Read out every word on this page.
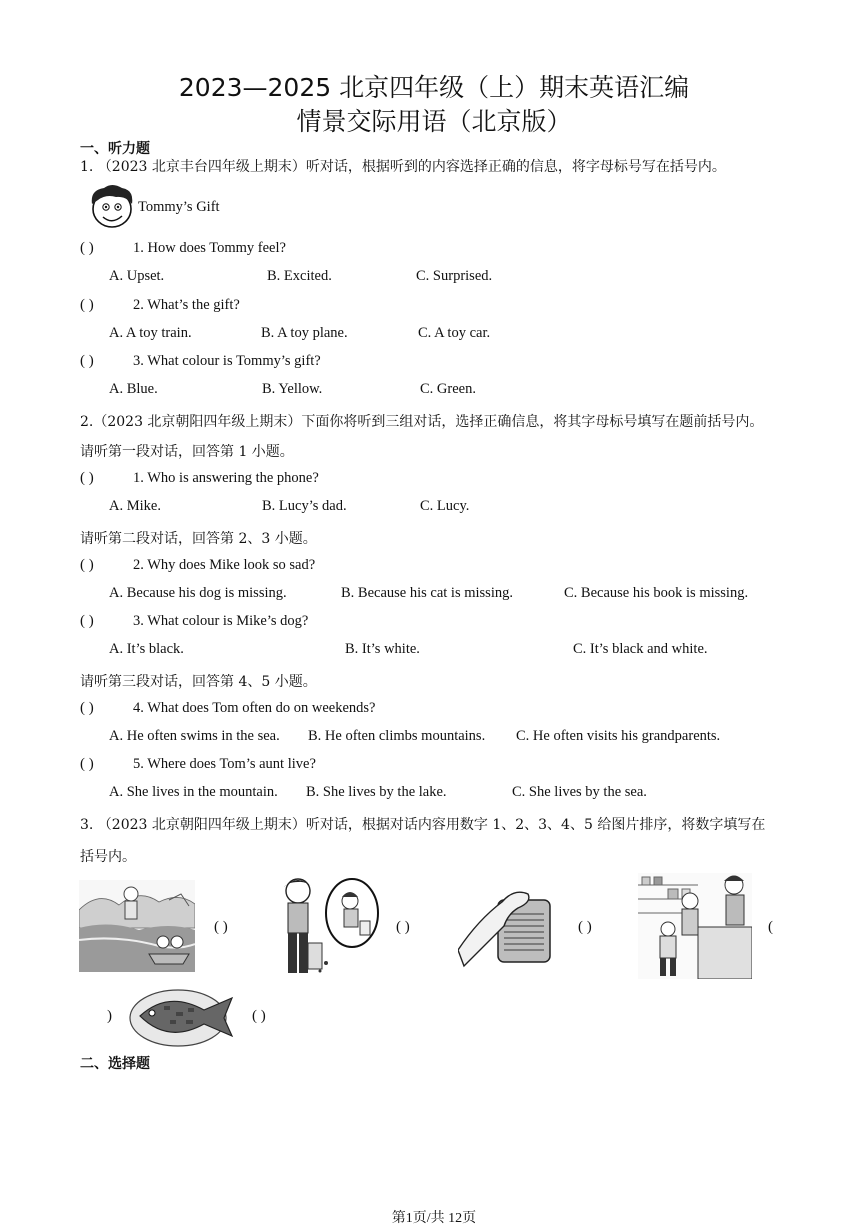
2023—2025 北京四年级（上）期末英语汇编
情景交际用语（北京版）
一、听力题
1. （2023 北京丰台四年级上期末）听对话，根据听到的内容选择正确的信息，将字母标号写在括号内。
Tommy’s Gift
( )	1. How does Tommy feel?
A. Upset.	B. Excited.	C. Surprised.
( )	2. What’s the gift?
A. A toy train.	B. A toy plane.	C. A toy car.
( )	3. What colour is Tommy’s gift?
A. Blue.	B. Yellow.	C. Green.
2.（2023 北京朝阳四年级上期末）下面你将听到三组对话，选择正确信息，将其字母标号填写在题前括号内。
请听第一段对话，回答第 1 小题。
( )	1. Who is answering the phone?
A. Mike.	B. Lucy’s dad.	C. Lucy.
请听第二段对话，回答第 2、3 小题。
( )	2. Why does Mike look so sad?
A. Because his dog is missing.	B. Because his cat is missing.	C. Because his book is missing.
( )	3. What colour is Mike’s dog?
A. It’s black.	B. It’s white.	C. It’s black and white.
请听第三段对话，回答第 4、5 小题。
( )	4. What does Tom often do on weekends?
A. He often swims in the sea. B. He often climbs mountains. C. He often visits his grandparents.
( )	5. Where does Tom’s aunt live?
A. She lives in the mountain. B. She lives by the lake.	C. She lives by the sea.
3. （2023 北京朝阳四年级上期末）听对话，根据对话内容用数字 1、2、3、4、5 给图片排序，将数字填写在
括号内。
( )	( )	( )	(
)	( )
二、选择题
第1页/共 12页
